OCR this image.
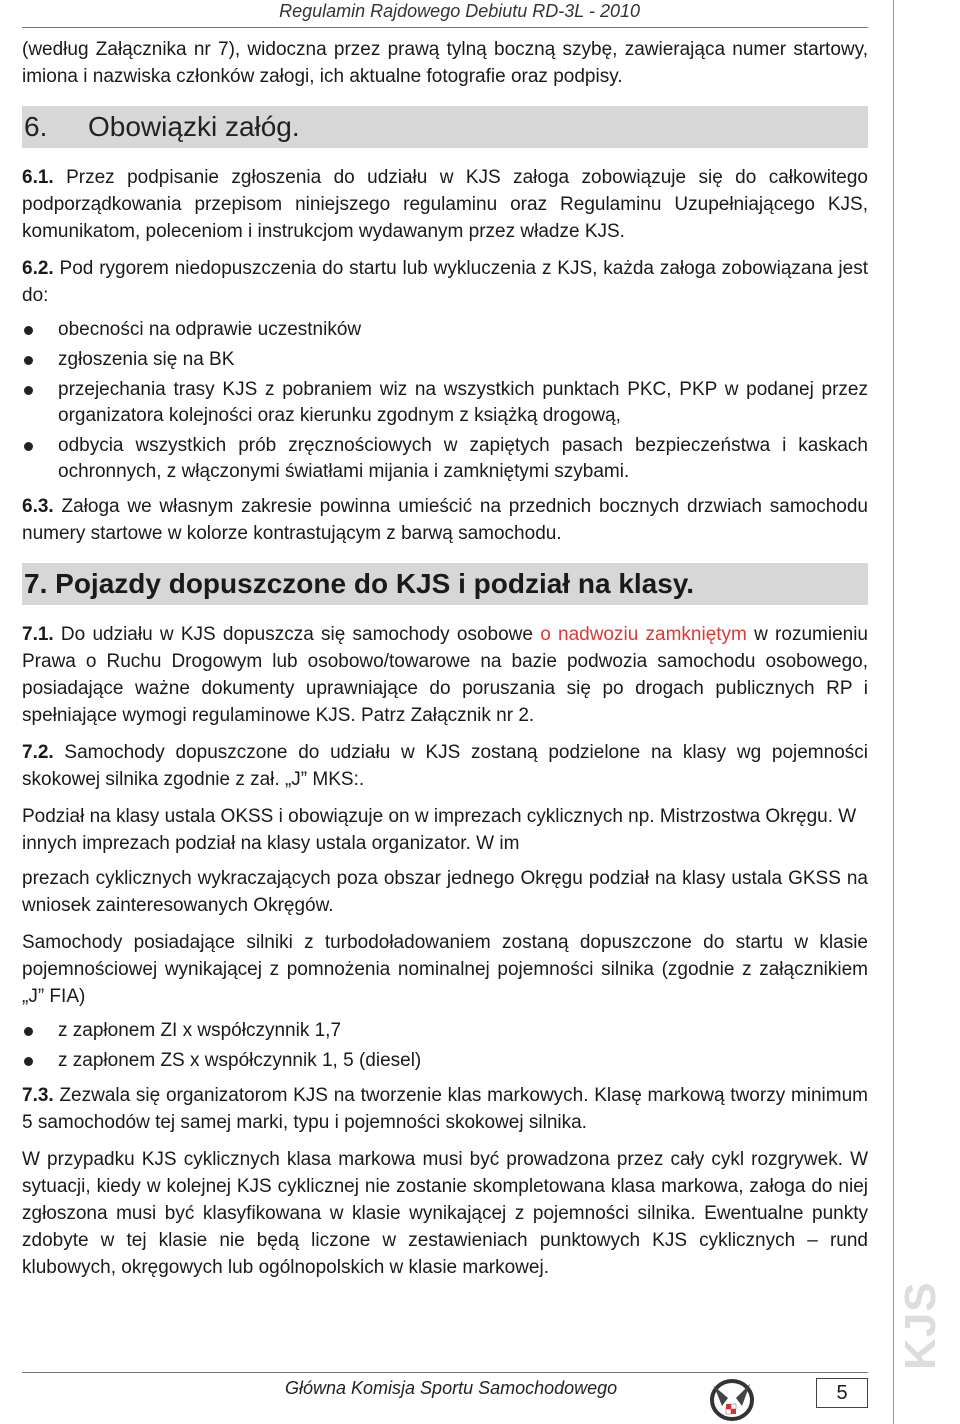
Regulamin Rajdowego Debiutu RD-3L - 2010
KJS

(według Załącznika nr 7), widoczna przez prawą tylną boczną szybę, zawierająca numer startowy, imiona i nazwiska członków załogi, ich aktualne fotografie oraz podpisy.

6. Obowiązki załóg.

6.1. Przez podpisanie zgłoszenia do udziału w KJS załoga zobowiązuje się do całkowitego podporządkowania przepisom niniejszego regulaminu oraz Regulaminu Uzupełniającego KJS, komunikatom, poleceniom i instrukcjom wydawanym przez władze KJS.

6.2. Pod rygorem niedopuszczenia do startu lub wykluczenia z KJS, każda załoga zobowiązana jest do:

obecności na odprawie uczestników
zgłoszenia się na BK
przejechania trasy KJS z pobraniem wiz na wszystkich punktach PKC, PKP w podanej przez organizatora kolejności oraz kierunku zgodnym z książką drogową,
odbycia wszystkich prób zręcznościowych w zapiętych pasach bezpieczeństwa i kaskach ochronnych, z włączonymi światłami mijania i zamkniętymi szybami.

6.3. Załoga we własnym zakresie powinna umieścić na przednich bocznych drzwiach samochodu numery startowe w kolorze kontrastującym z barwą samochodu.

7. Pojazdy dopuszczone do KJS i podział na klasy.

7.1. Do udziału w KJS dopuszcza się samochody osobowe o nadwoziu zamkniętym w rozumieniu Prawa o Ruchu Drogowym lub osobowo/towarowe na bazie podwozia samochodu osobowego, posiadające ważne dokumenty uprawniające do poruszania się po drogach publicznych RP i spełniające wymogi regulaminowe KJS. Patrz Załącznik nr 2.

7.2. Samochody dopuszczone do udziału w KJS zostaną podzielone na klasy wg pojemności skokowej silnika zgodnie z zał. „J” MKS:.

Podział na klasy ustala OKSS i obowiązuje on w imprezach cyklicznych np. Mistrzostwa Okręgu. W innych imprezach podział na klasy ustala organizator. W im

prezach cyklicznych wykraczających poza obszar jednego Okręgu podział na klasy ustala GKSS na wniosek zainteresowanych Okręgów.

Samochody posiadające silniki z turbodoładowaniem zostaną dopuszczone do startu w klasie pojemnościowej wynikającej z pomnożenia nominalnej pojemności silnika (zgodnie z załącznikiem „J” FIA)

z zapłonem ZI x współczynnik 1,7
z zapłonem ZS x współczynnik 1, 5 (diesel)

7.3. Zezwala się organizatorom KJS na tworzenie klas markowych. Klasę markową tworzy minimum 5 samochodów tej samej marki, typu i pojemności skokowej silnika.

W przypadku KJS cyklicznych klasa markowa musi być prowadzona przez cały cykl rozgrywek. W sytuacji, kiedy w kolejnej KJS cyklicznej nie zostanie skompletowana klasa markowa, załoga do niej zgłoszona musi być klasyfikowana w klasie wynikającej z pojemności silnika. Ewentualne punkty zdobyte w tej klasie nie będą liczone w zestawieniach punktowych KJS cyklicznych – rund klubowych, okręgowych lub ogólnopolskich w klasie markowej.

Główna Komisja Sportu Samochodowego	5
